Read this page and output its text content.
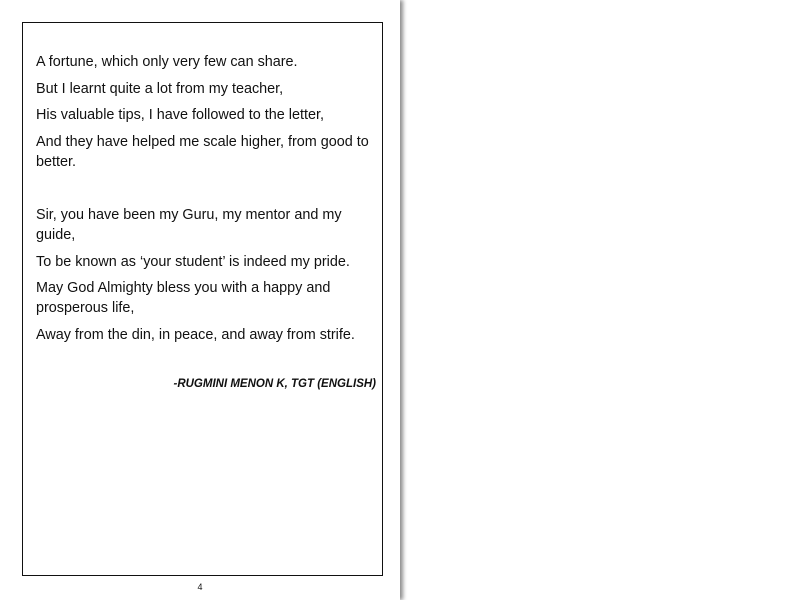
A fortune, which only very few can share.
But I learnt quite a lot from my teacher,
His valuable tips, I have followed to the letter,
And they have helped me scale higher, from good to better.
Sir, you have been my Guru, my mentor and my guide,
To be known as ‘your student’ is indeed my pride.
May God Almighty bless you with a happy and prosperous life,
Away from the din, in peace, and away from strife.
-RUGMINI MENON K, TGT (ENGLISH)
4
